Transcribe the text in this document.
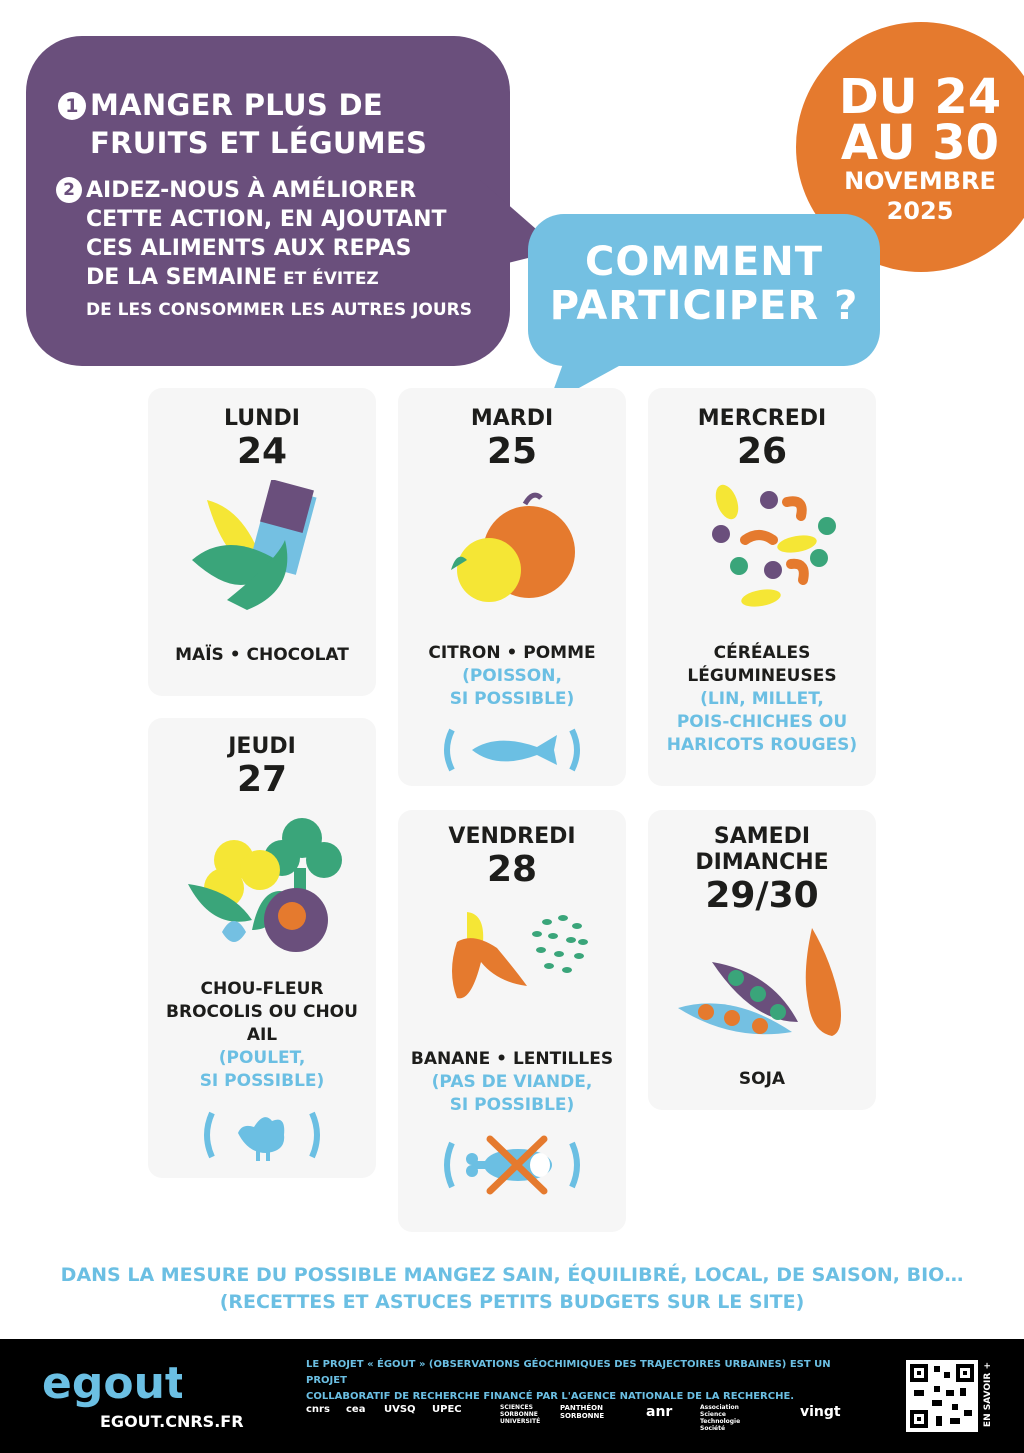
1 MANGER PLUS DE FRUITS ET LÉGUMES
2 AIDEZ-NOUS À AMÉLIORER
CETTE ACTION, EN AJOUTANT
CES ALIMENTS AUX REPAS
DE LA SEMAINE ET ÉVITEZ
DE LES CONSOMMER LES AUTRES JOURS
DU 24
AU 30
NOVEMBRE
2025
COMMENT
PARTICIPER ?
LUNDI
24
MAÏS • CHOCOLAT
MARDI
25
CITRON • POMME
(POISSON,
SI POSSIBLE)
MERCREDI
26
CÉRÉALES
LÉGUMINEUSES
(LIN, MILLET,
POIS-CHICHES OU
HARICOTS ROUGES)
JEUDI
27
CHOU-FLEUR
BROCOLIS OU CHOU
AIL
(POULET,
SI POSSIBLE)
VENDREDI
28
BANANE • LENTILLES
(PAS DE VIANDE,
SI POSSIBLE)
SAMEDI
DIMANCHE
29/30
SOJA
DANS LA MESURE DU POSSIBLE MANGEZ SAIN, ÉQUILIBRÉ, LOCAL, DE SAISON, BIO…
(RECETTES ET ASTUCES PETITS BUDGETS SUR LE SITE)
egout
EGOUT.CNRS.FR
LE PROJET « ÉGOUT » (OBSERVATIONS GÉOCHIMIQUES DES TRAJECTOIRES URBAINES) EST UN PROJET
COLLABORATIF DE RECHERCHE FINANCÉ PAR L'AGENCE NATIONALE DE LA RECHERCHE.
cnrs cea UVSQ UPEC	SCIENCES SORBONNE UNIVERSITÉ
PANTHÉON SORBONNE	anr	Association Science Technologie Société
vingt	EN SAVOIR +
